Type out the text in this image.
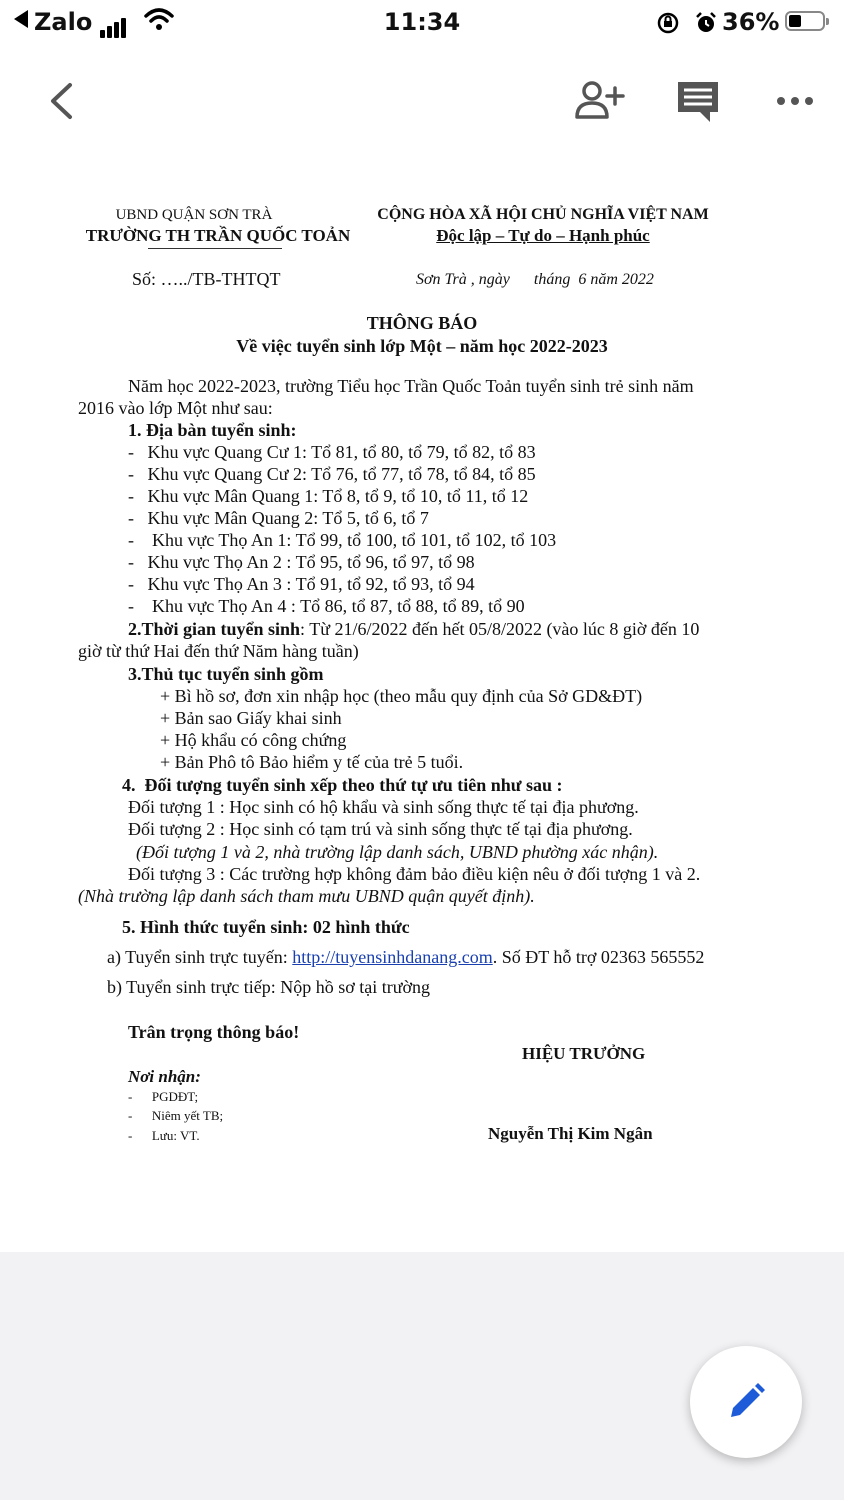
Zalo	11:34
	36%
UBND QUẬN SƠN TRÀ
TRƯỜNG TH TRẦN QUỐC TOẢN
CỘNG HÒA XÃ HỘI CHỦ NGHĨA VIỆT NAM
Độc lập – Tự do – Hạnh phúc
Số: …../TB-THTQT	Sơn Trà , ngày      tháng  6 năm 2022
THÔNG BÁO
Về việc tuyển sinh lớp Một – năm học 2022-2023
Năm học 2022-2023, trường Tiểu học Trần Quốc Toản tuyển sinh trẻ sinh năm
2016 vào lớp Một như sau:
1. Địa bàn tuyển sinh:
-   Khu vực Quang Cư 1: Tổ 81, tổ 80, tổ 79, tổ 82, tổ 83
-   Khu vực Quang Cư 2: Tổ 76, tổ 77, tổ 78, tổ 84, tổ 85
-   Khu vực Mân Quang 1: Tổ 8, tổ 9, tổ 10, tổ 11, tổ 12
-   Khu vực Mân Quang 2: Tổ 5, tổ 6, tổ 7
-    Khu vực Thọ An 1: Tổ 99, tổ 100, tổ 101, tổ 102, tổ 103
-   Khu vực Thọ An 2 : Tổ 95, tổ 96, tổ 97, tổ 98
-   Khu vực Thọ An 3 : Tổ 91, tổ 92, tổ 93, tổ 94
-    Khu vực Thọ An 4 : Tổ 86, tổ 87, tổ 88, tổ 89, tổ 90
2.Thời gian tuyển sinh: Từ 21/6/2022 đến hết 05/8/2022 (vào lúc 8 giờ đến 10
giờ từ thứ Hai đến thứ Năm hàng tuần)
3.Thủ tục tuyển sinh gồm
+ Bì hồ sơ, đơn xin nhập học (theo mẫu quy định của Sở GD&ĐT)
+ Bản sao Giấy khai sinh
+ Hộ khẩu có công chứng
+ Bản Phô tô Bảo hiểm y tế của trẻ 5 tuổi.
4.  Đối tượng tuyển sinh xếp theo thứ tự ưu tiên như sau :
Đối tượng 1 : Học sinh có hộ khẩu và sinh sống thực tế tại địa phương.
Đối tượng 2 : Học sinh có tạm trú và sinh sống thực tế tại địa phương.
(Đối tượng 1 và 2, nhà trường lập danh sách, UBND phường xác nhận).
Đối tượng 3 : Các trường hợp không đảm bảo điều kiện nêu ở đối tượng 1 và 2.
(Nhà trường lập danh sách tham mưu UBND quận quyết định).
5. Hình thức tuyển sinh: 02 hình thức
a) Tuyển sinh trực tuyến: http://tuyensinhdanang.com. Số ĐT hỗ trợ 02363 565552
b) Tuyển sinh trực tiếp: Nộp hồ sơ tại trường
Trân trọng thông báo!
HIỆU TRƯỞNG
Nơi nhận:
-      PGDĐT;
-      Niêm yết TB;
-      Lưu: VT.	Nguyễn Thị Kim Ngân
